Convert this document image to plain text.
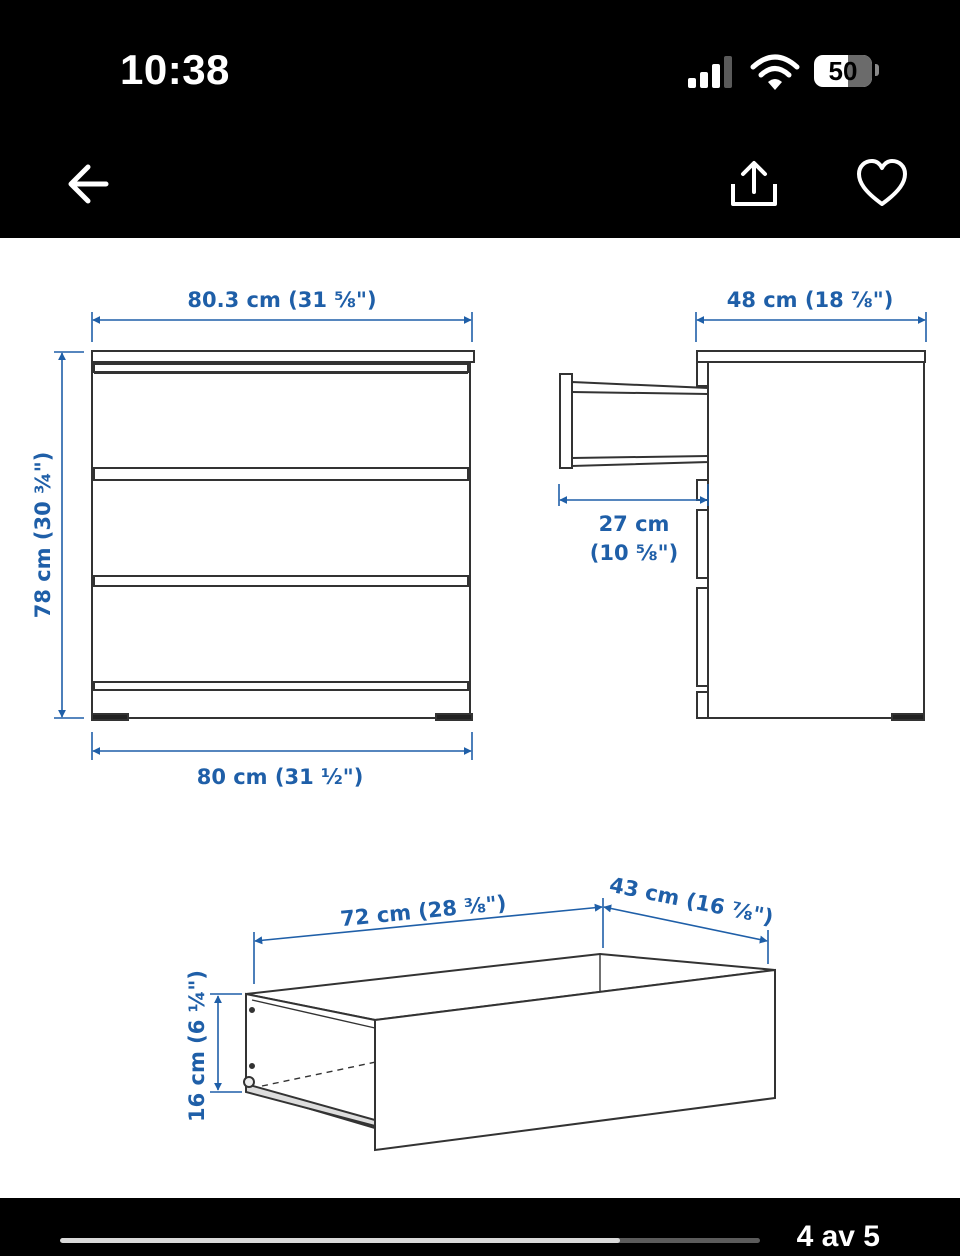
10:38	50
80.3 cm (31 ⅝")
78 cm (30 ¾")
80 cm (31 ½")
48 cm (18 ⅞")
27 cm
(10 ⅝")
72 cm (28 ⅜")	43 cm (16 ⅞")
16 cm (6 ¼")
4 av 5
